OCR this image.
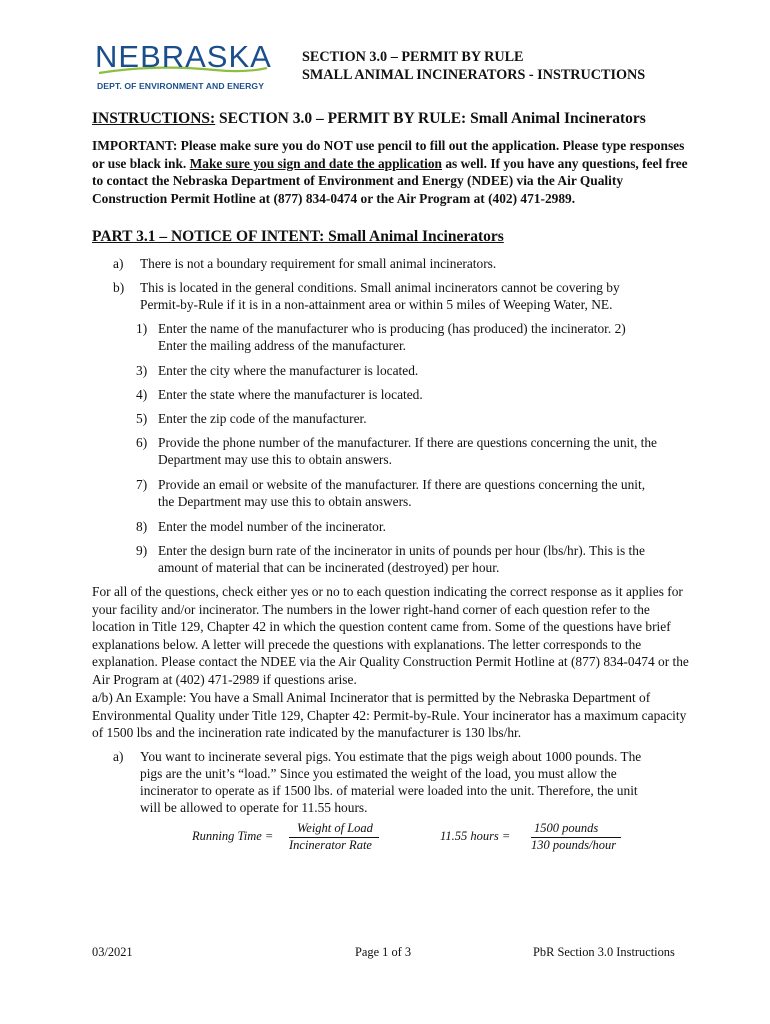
NEBRASKA
DEPT. OF ENVIRONMENT AND ENERGY
SECTION 3.0 – PERMIT BY RULE
SMALL ANIMAL INCINERATORS - INSTRUCTIONS
INSTRUCTIONS: SECTION 3.0 – PERMIT BY RULE: Small Animal Incinerators
IMPORTANT: Please make sure you do NOT use pencil to fill out the application. Please type responses or use black ink. Make sure you sign and date the application as well. If you have any questions, feel free to contact the Nebraska Department of Environment and Energy (NDEE) via the Air Quality Construction Permit Hotline at (877) 834-0474 or the Air Program at (402) 471-2989.
PART 3.1 – NOTICE OF INTENT: Small Animal Incinerators
a) There is not a boundary requirement for small animal incinerators.
b) This is located in the general conditions. Small animal incinerators cannot be covering by
Permit-by-Rule if it is in a non-attainment area or within 5 miles of Weeping Water, NE.
1) Enter the name of the manufacturer who is producing (has produced) the incinerator. 2)
Enter the mailing address of the manufacturer.
3) Enter the city where the manufacturer is located.
4) Enter the state where the manufacturer is located.
5) Enter the zip code of the manufacturer.
6) Provide the phone number of the manufacturer. If there are questions concerning the unit, the
Department may use this to obtain answers.
7) Provide an email or website of the manufacturer. If there are questions concerning the unit,
the Department may use this to obtain answers.
8) Enter the model number of the incinerator.
9) Enter the design burn rate of the incinerator in units of pounds per hour (lbs/hr). This is the
amount of material that can be incinerated (destroyed) per hour.
For all of the questions, check either yes or no to each question indicating the correct response as it applies for your facility and/or incinerator. The numbers in the lower right-hand corner of each question refer to the location in Title 129, Chapter 42 in which the question content came from. Some of the questions have brief explanations below. A letter will precede the questions with explanations. The letter corresponds to the explanation. Please contact the NDEE via the Air Quality Construction Permit Hotline at (877) 834-0474 or the Air Program at (402) 471-2989 if questions arise.
a/b) An Example: You have a Small Animal Incinerator that is permitted by the Nebraska Department of Environmental Quality under Title 129, Chapter 42: Permit-by-Rule. Your incinerator has a maximum capacity of 1500 lbs and the incineration rate indicated by the manufacturer is 130 lbs/hr.
a) You want to incinerate several pigs. You estimate that the pigs weigh about 1000 pounds. The
pigs are the unit’s “load.” Since you estimated the weight of the load, you must allow the
incinerator to operate as if 1500 lbs. of material were loaded into the unit. Therefore, the unit
will be allowed to operate for 11.55 hours.
Running Time =
Weight of Load
Incinerator Rate
11.55 hours =
1500 pounds
130 pounds/hour
03/2021	Page 1 of 3	PbR Section 3.0 Instructions
